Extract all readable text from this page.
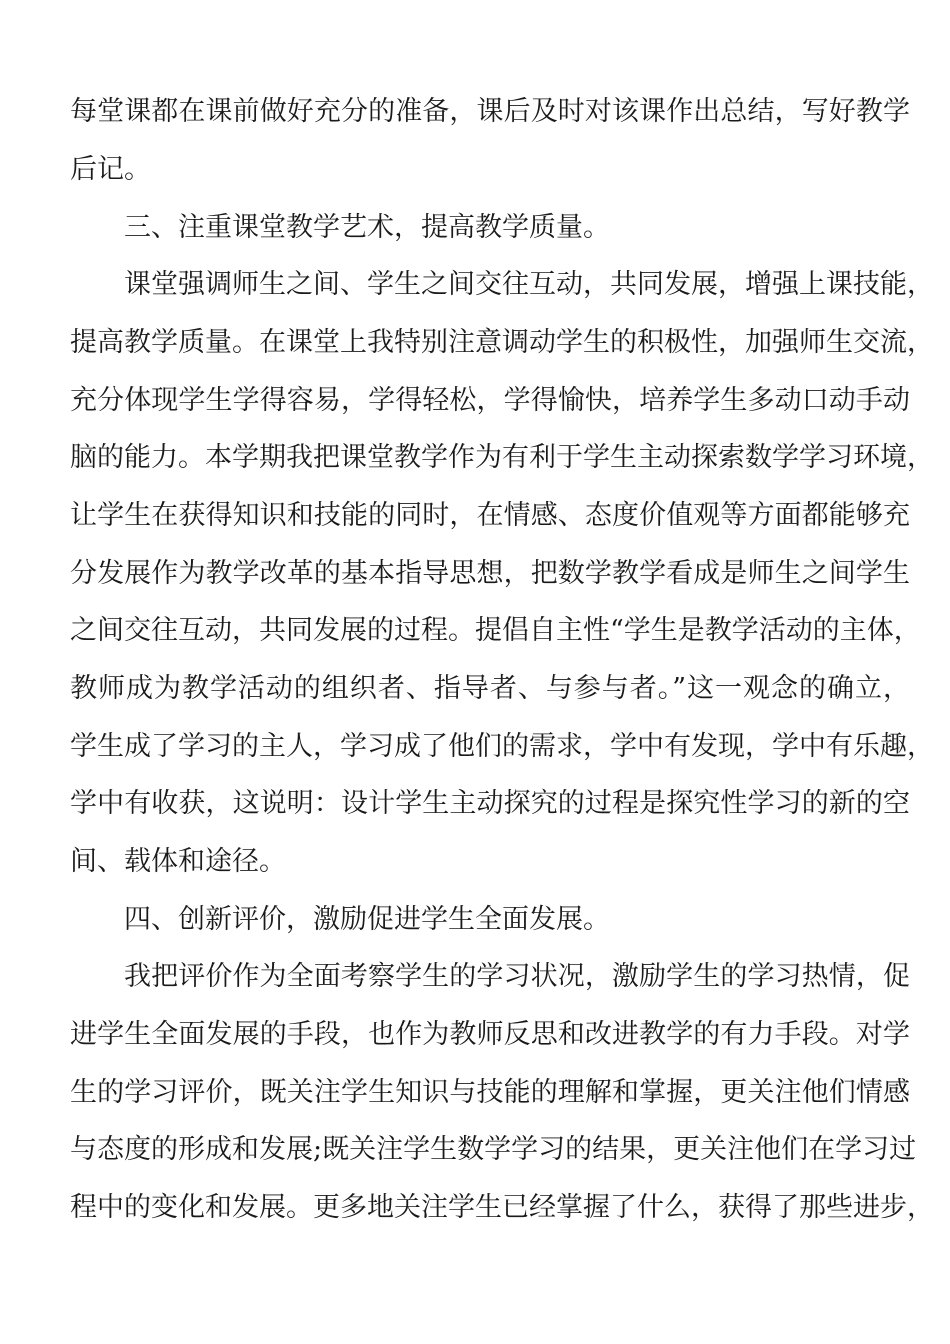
每堂课都在课前做好充分的准备，课后及时对该课作出总结，写好教学
后记。
三、注重课堂教学艺术，提高教学质量。
课堂强调师生之间、学生之间交往互动，共同发展，增强上课技能，
提高教学质量。在课堂上我特别注意调动学生的积极性，加强师生交流，
充分体现学生学得容易，学得轻松，学得愉快，培养学生多动口动手动
脑的能力。本学期我把课堂教学作为有利于学生主动探索数学学习环境，
让学生在获得知识和技能的同时，在情感、态度价值观等方面都能够充
分发展作为教学改革的基本指导思想，把数学教学看成是师生之间学生
之间交往互动，共同发展的过程。提倡自主性“学生是教学活动的主体，
教师成为教学活动的组织者、指导者、与参与者。”这一观念的确立，
学生成了学习的主人，学习成了他们的需求，学中有发现，学中有乐趣，
学中有收获，这说明：设计学生主动探究的过程是探究性学习的新的空
间、载体和途径。
四、创新评价，激励促进学生全面发展。
我把评价作为全面考察学生的学习状况，激励学生的学习热情，促
进学生全面发展的手段，也作为教师反思和改进教学的有力手段。对学
生的学习评价，既关注学生知识与技能的理解和掌握，更关注他们情感
与态度的形成和发展;既关注学生数学学习的结果，更关注他们在学习过
程中的变化和发展。更多地关注学生已经掌握了什么，获得了那些进步，
